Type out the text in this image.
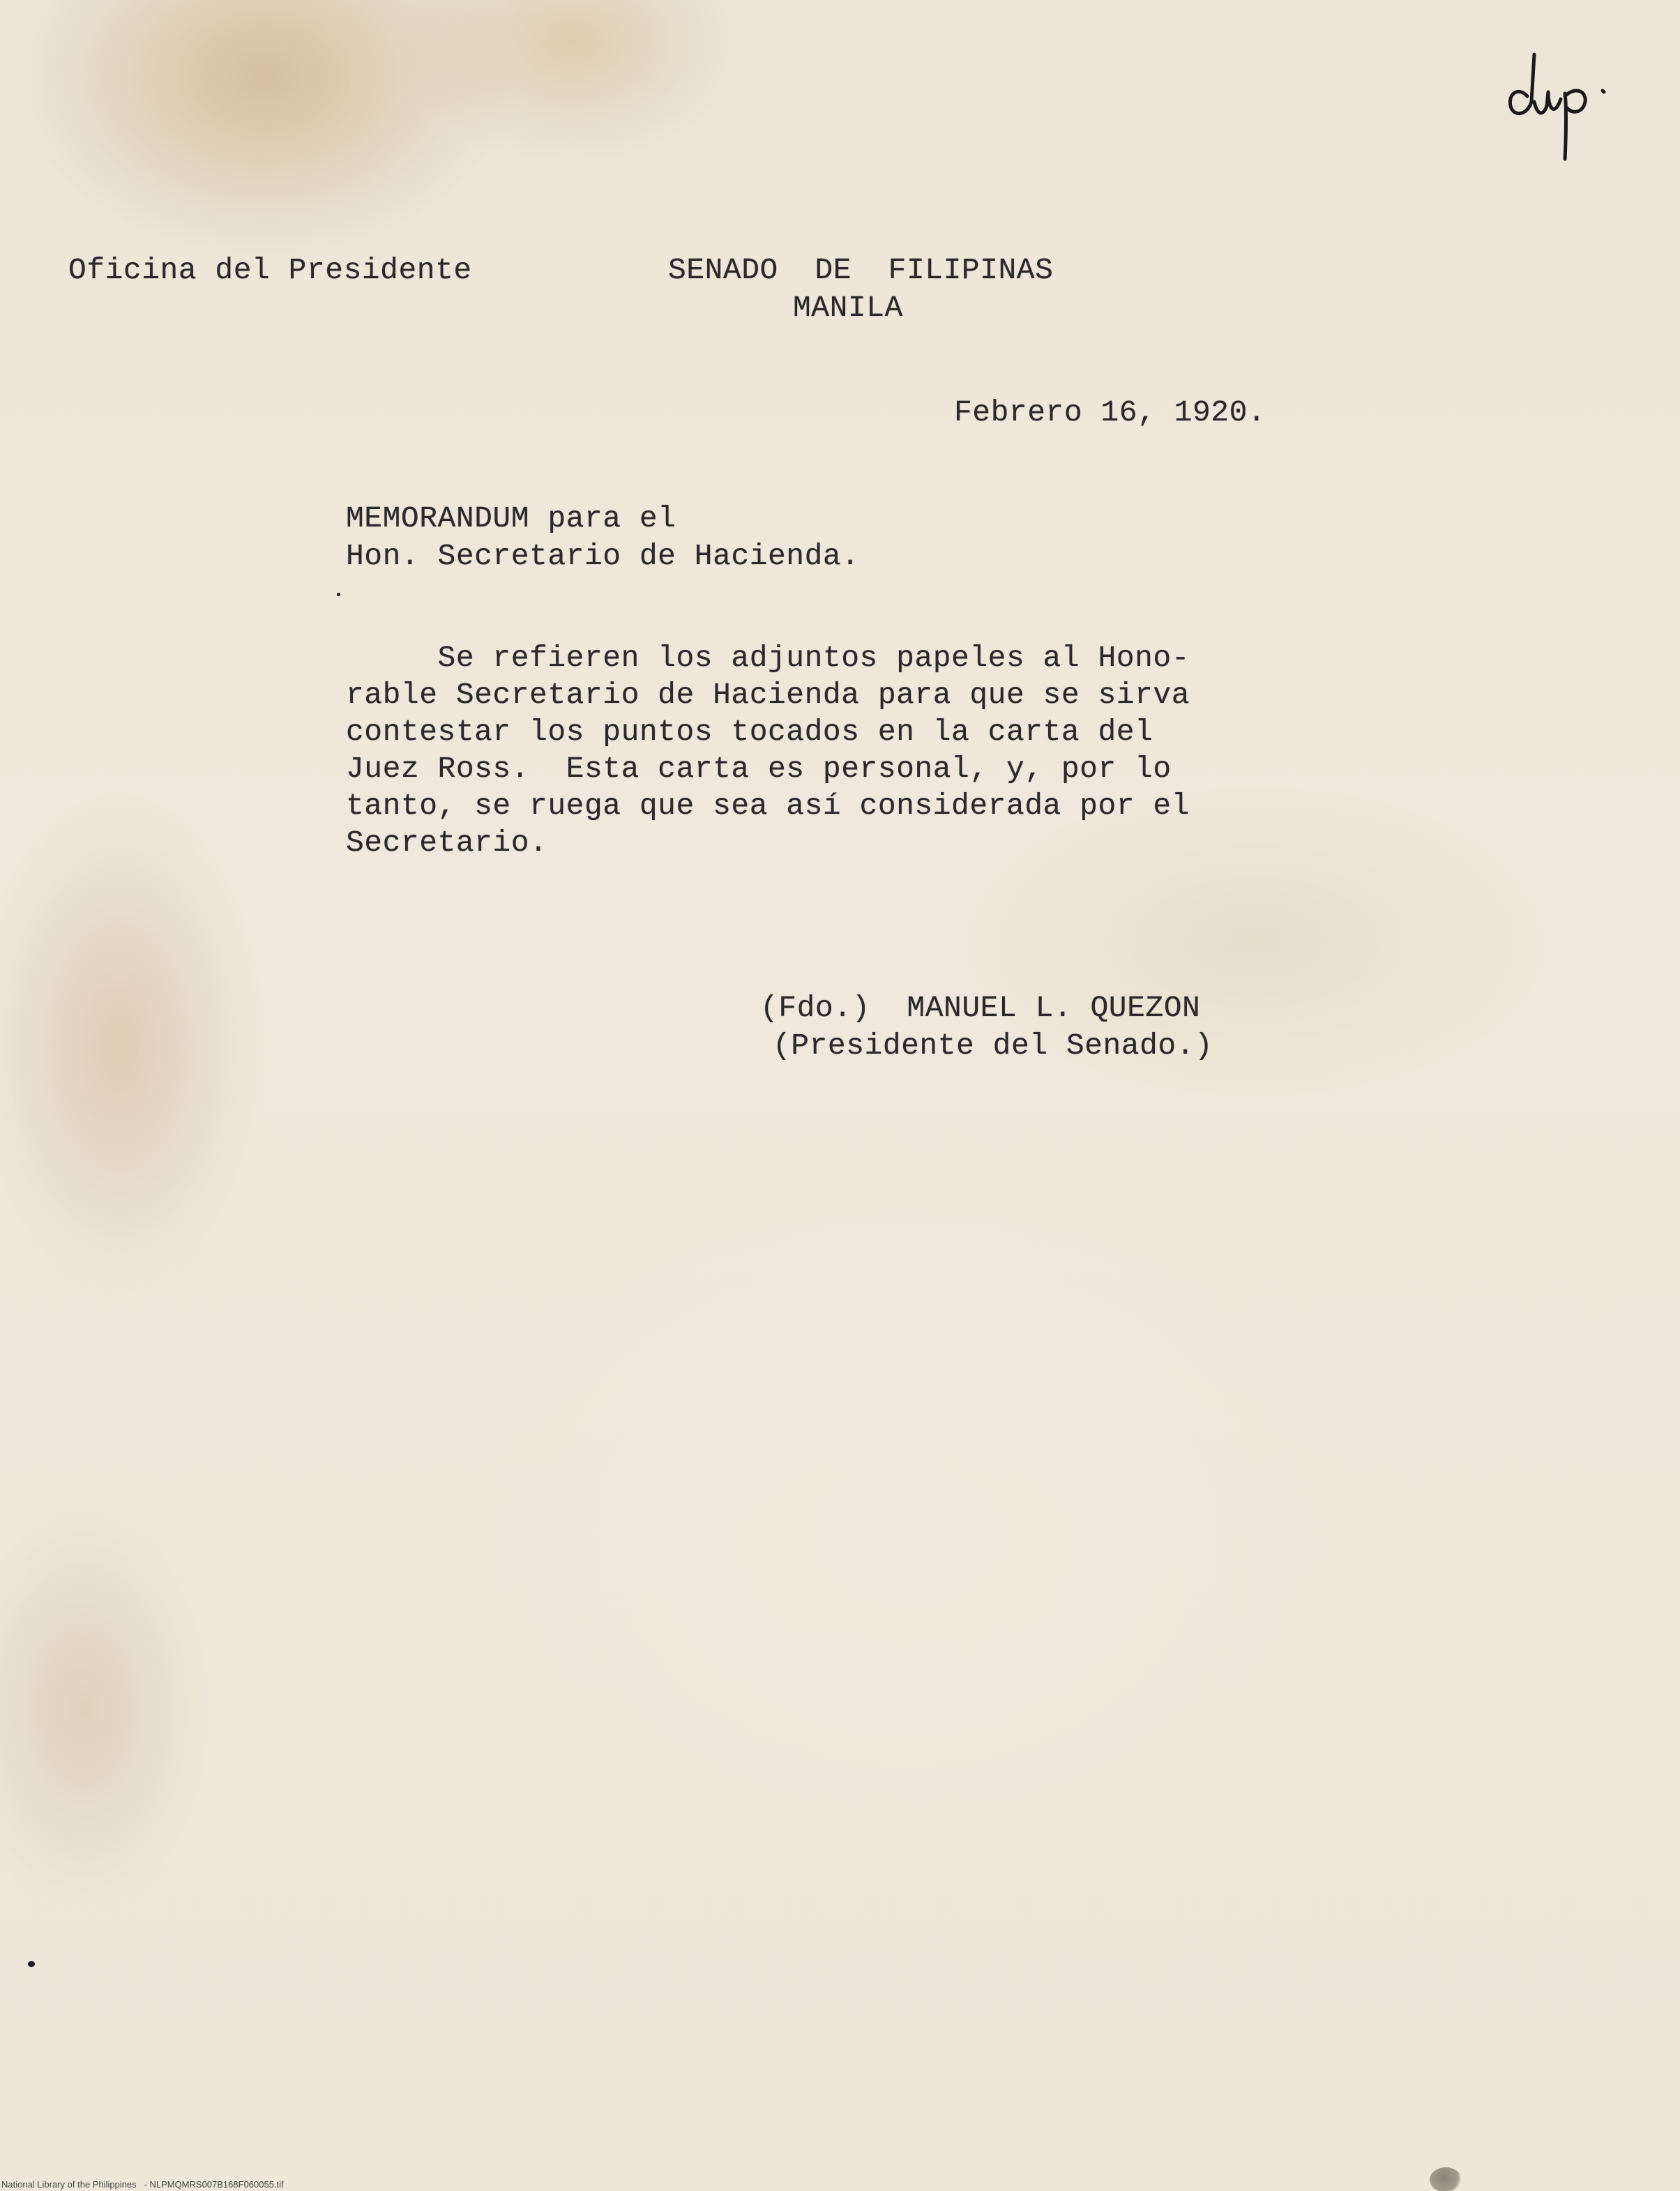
Oficina del Presidente	SENADO  DE  FILIPINAS
MANILA
Febrero 16, 1920.
MEMORANDUM para el
Hon. Secretario de Hacienda.
Se refieren los adjuntos papeles al Hono-
rable Secretario de Hacienda para que se sirva
contestar los puntos tocados en la carta del
Juez Ross.  Esta carta es personal, y, por lo
tanto, se ruega que sea así considerada por el
Secretario.
(Fdo.)  MANUEL L. QUEZON
(Presidente del Senado.)
National Library of the Philippines   - NLPMQMRS007B168F060055.tif
